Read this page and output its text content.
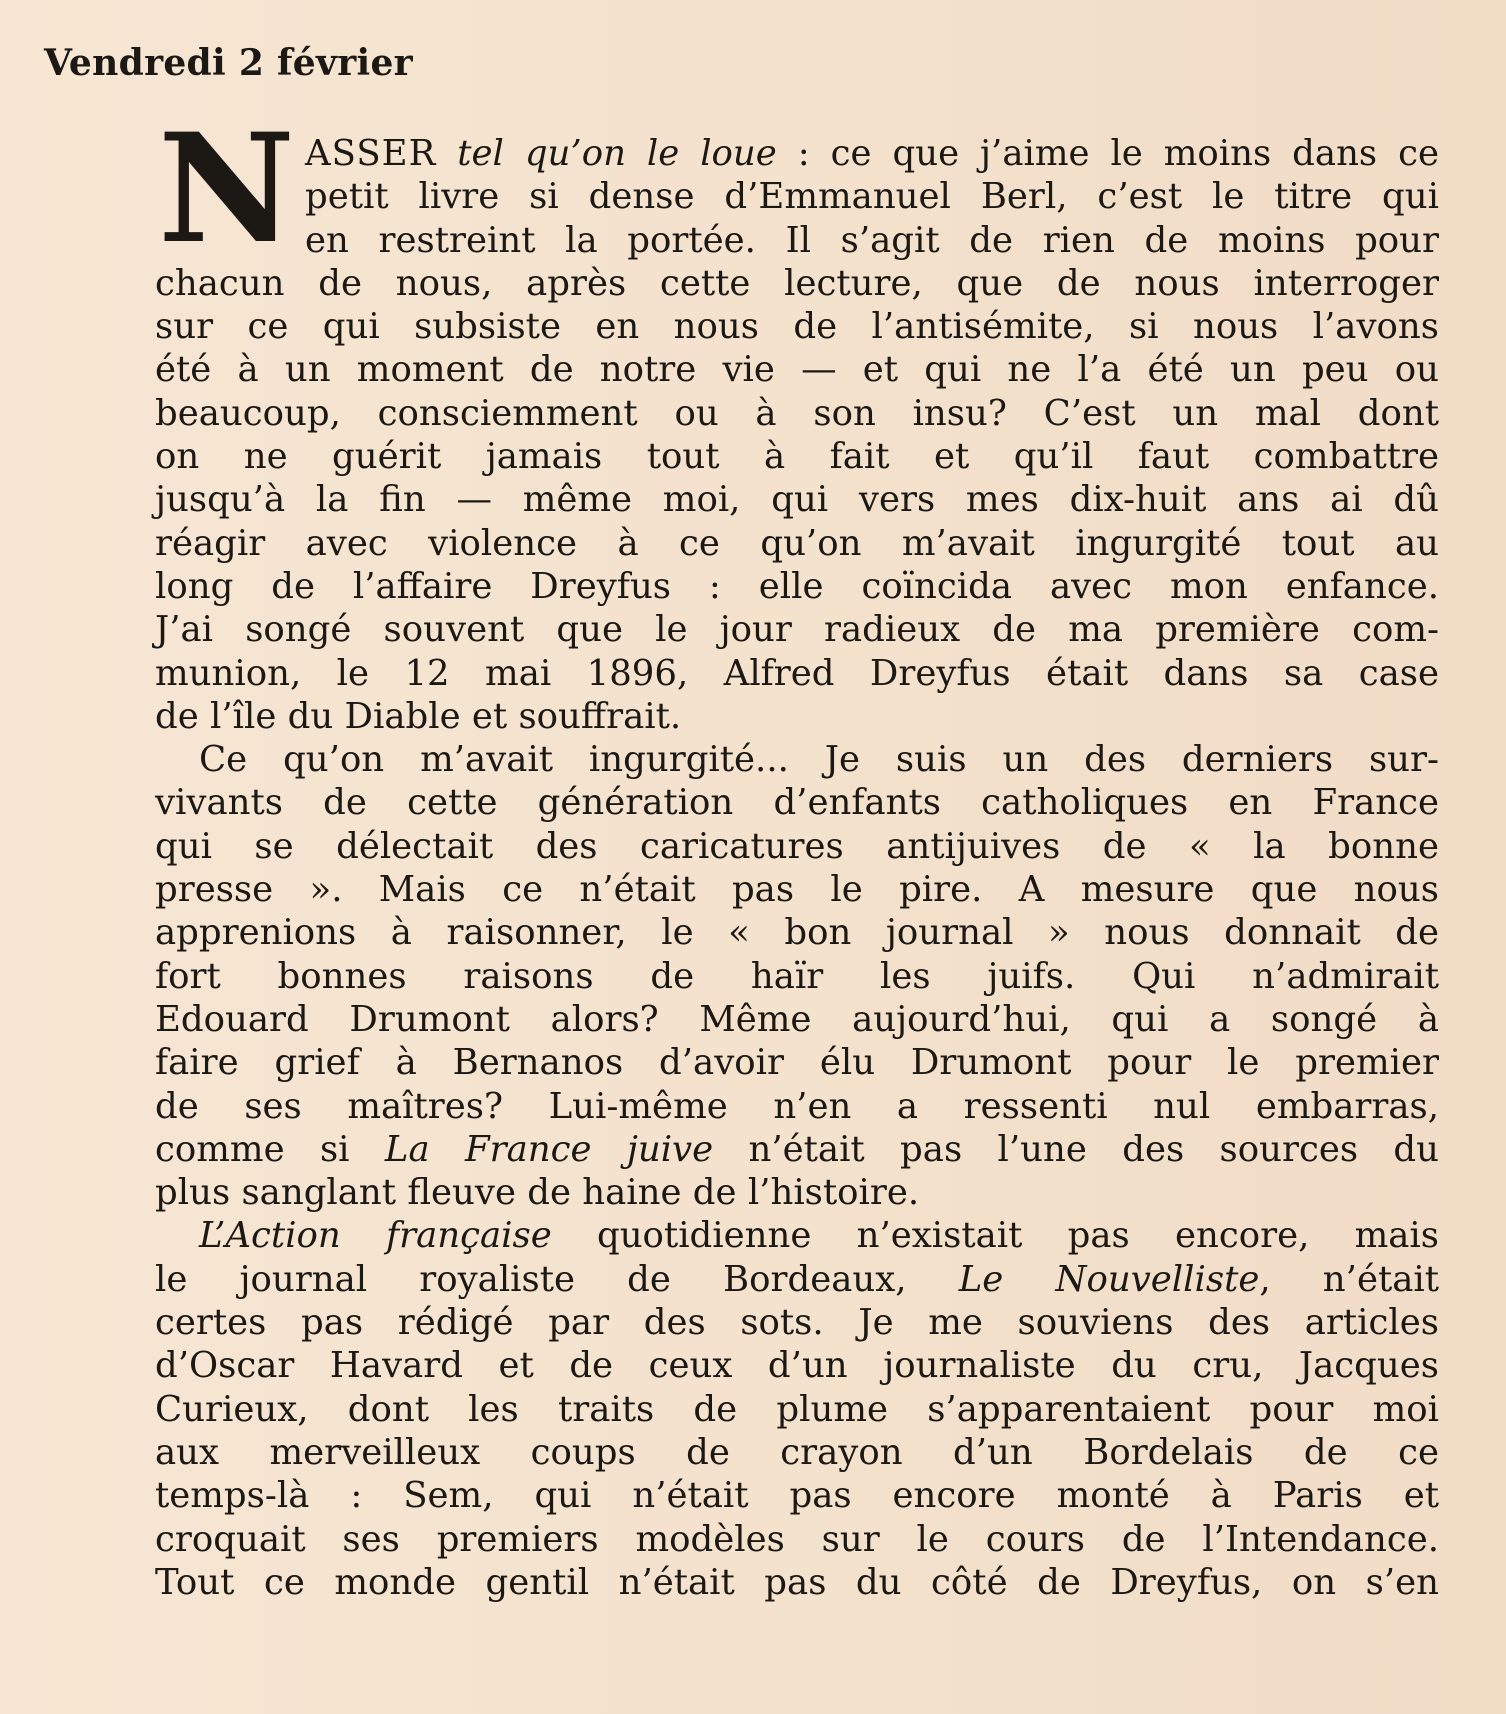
Vendredi 2 février
N ASSER tel qu’on le loue : ce que j’aime le moins dans ce
petit livre si dense d’Emmanuel Berl, c’est le titre qui
en restreint la portée. Il s’agit de rien de moins pour
chacun de nous, après cette lecture, que de nous interroger
sur ce qui subsiste en nous de l’antisémite, si nous l’avons
été à un moment de notre vie — et qui ne l’a été un peu ou
beaucoup, consciemment ou à son insu? C’est un mal dont
on ne guérit jamais tout à fait et qu’il faut combattre
jusqu’à la fin — même moi, qui vers mes dix-huit ans ai dû
réagir avec violence à ce qu’on m’avait ingurgité tout au
long de l’affaire Dreyfus : elle coïncida avec mon enfance.
J’ai songé souvent que le jour radieux de ma première com-
munion, le 12 mai 1896, Alfred Dreyfus était dans sa case
de l’île du Diable et souffrait.
Ce qu’on m’avait ingurgité... Je suis un des derniers sur-
vivants de cette génération d’enfants catholiques en France
qui se délectait des caricatures antijuives de « la bonne
presse ». Mais ce n’était pas le pire. A mesure que nous
apprenions à raisonner, le « bon journal » nous donnait de
fort bonnes raisons de haïr les juifs. Qui n’admirait
Edouard Drumont alors? Même aujourd’hui, qui a songé à
faire grief à Bernanos d’avoir élu Drumont pour le premier
de ses maîtres? Lui-même n’en a ressenti nul embarras,
comme si La France juive n’était pas l’une des sources du
plus sanglant fleuve de haine de l’histoire.
L’Action française quotidienne n’existait pas encore, mais
le journal royaliste de Bordeaux, Le Nouvelliste, n’était
certes pas rédigé par des sots. Je me souviens des articles
d’Oscar Havard et de ceux d’un journaliste du cru, Jacques
Curieux, dont les traits de plume s’apparentaient pour moi
aux merveilleux coups de crayon d’un Bordelais de ce
temps-là : Sem, qui n’était pas encore monté à Paris et
croquait ses premiers modèles sur le cours de l’Intendance.
Tout ce monde gentil n’était pas du côté de Dreyfus, on s’en
